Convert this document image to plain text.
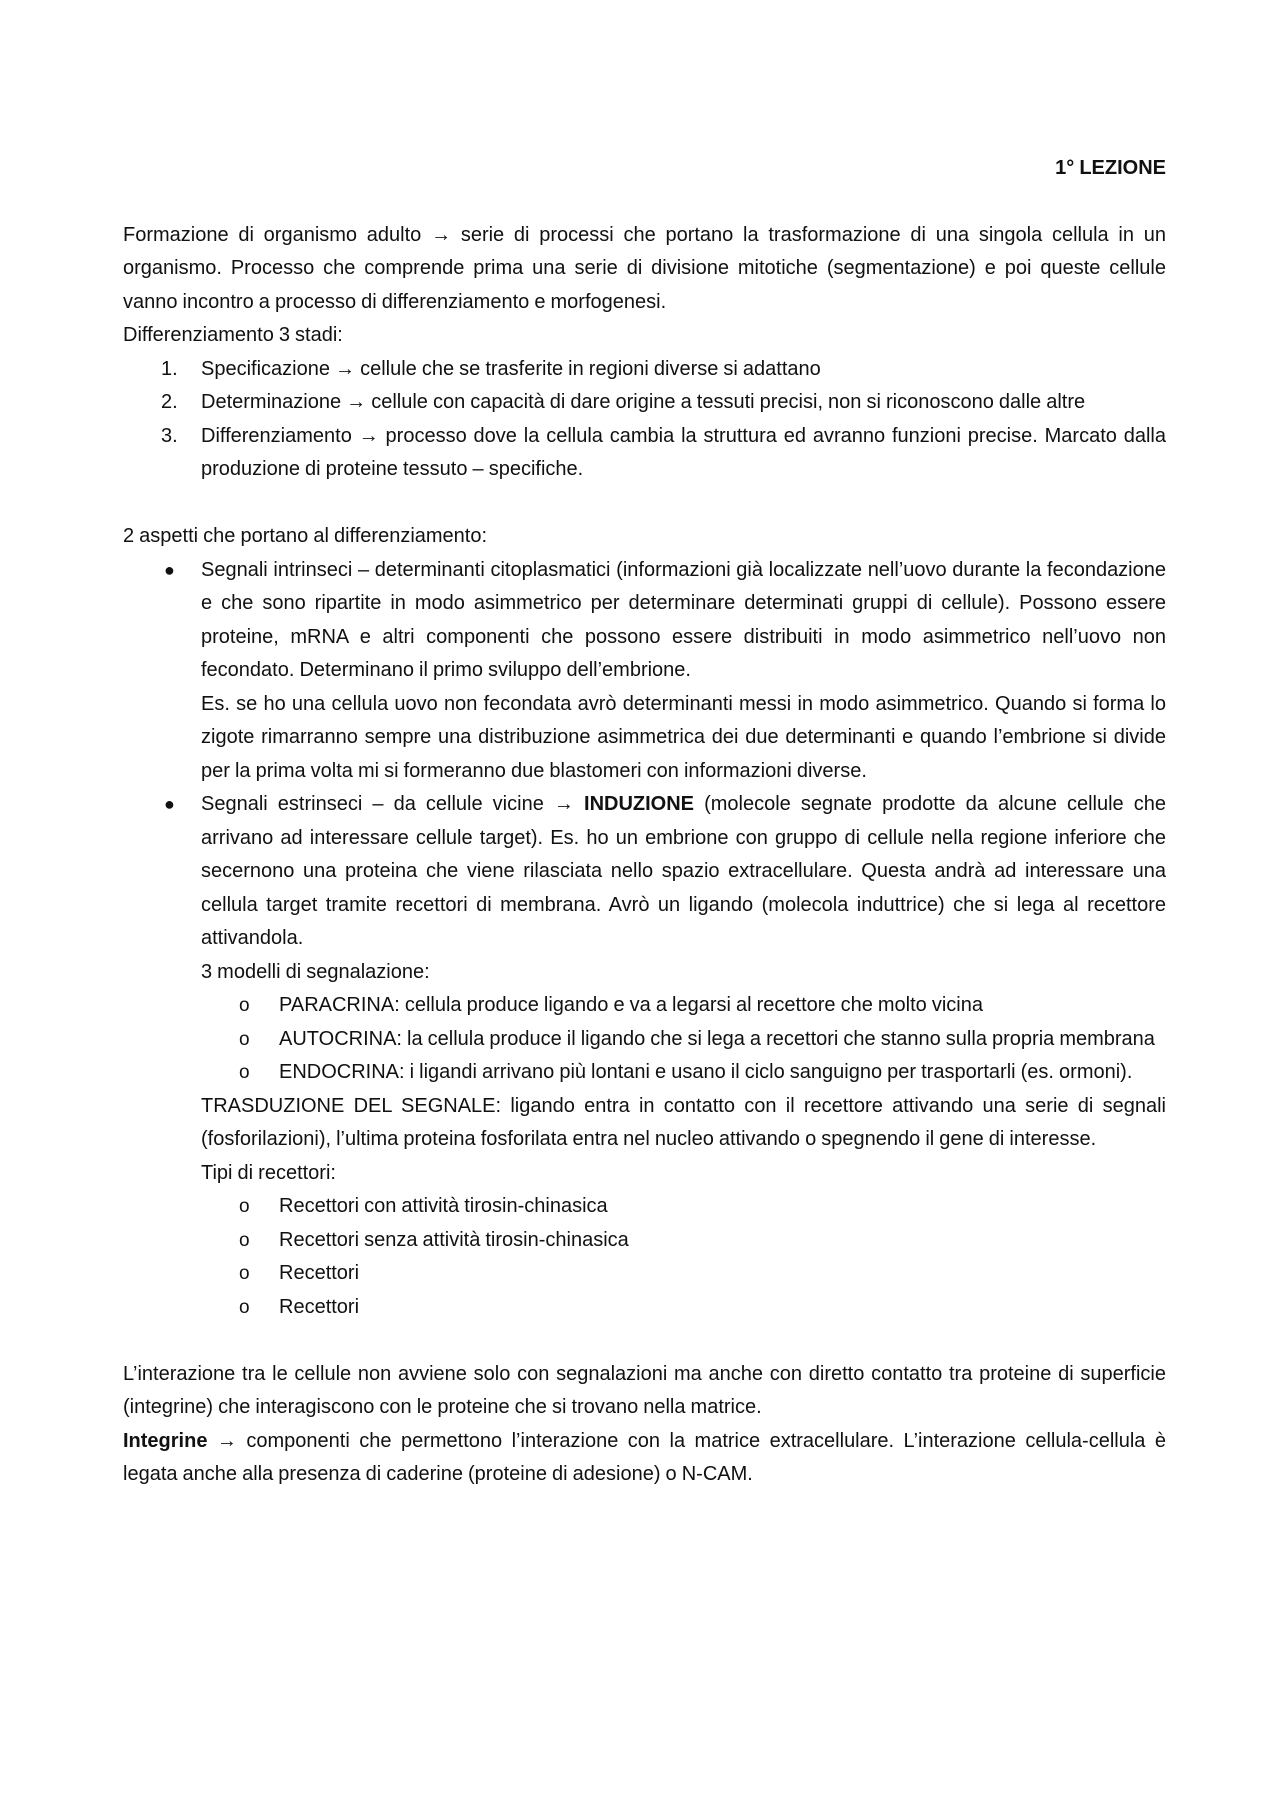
1° LEZIONE

Formazione di organismo adulto → serie di processi che portano la trasformazione di una singola cellula in un organismo. Processo che comprende prima una serie di divisione mitotiche (segmentazione) e poi queste cellule vanno incontro a processo di differenziamento e morfogenesi.

Differenziamento 3 stadi:

1. Specificazione → cellule che se trasferite in regioni diverse si adattano
2. Determinazione → cellule con capacità di dare origine a tessuti precisi, non si riconoscono dalle altre
3. Differenziamento → processo dove la cellula cambia la struttura ed avranno funzioni precise. Marcato dalla produzione di proteine tessuto – specifiche.

2 aspetti che portano al differenziamento:

● Segnali intrinseci – determinanti citoplasmatici (informazioni già localizzate nell’uovo durante la fecondazione e che sono ripartite in modo asimmetrico per determinare determinati gruppi di cellule). Possono essere proteine, mRNA e altri componenti che possono essere distribuiti in modo asimmetrico nell’uovo non fecondato. Determinano il primo sviluppo dell’embrione.

Es. se ho una cellula uovo non fecondata avrò determinanti messi in modo asimmetrico. Quando si forma lo zigote rimarranno sempre una distribuzione asimmetrica dei due determinanti e quando l’embrione si divide per la prima volta mi si formeranno due blastomeri con informazioni diverse.

● Segnali estrinseci – da cellule vicine → INDUZIONE (molecole segnate prodotte da alcune cellule che arrivano ad interessare cellule target). Es. ho un embrione con gruppo di cellule nella regione inferiore che secernono una proteina che viene rilasciata nello spazio extracellulare. Questa andrà ad interessare una cellula target tramite recettori di membrana. Avrò un ligando (molecola induttrice) che si lega al recettore attivandola.

3 modelli di segnalazione:

o PARACRINA: cellula produce ligando e va a legarsi al recettore che molto vicina
o AUTOCRINA: la cellula produce il ligando che si lega a recettori che stanno sulla propria membrana
o ENDOCRINA: i ligandi arrivano più lontani e usano il ciclo sanguigno per trasportarli (es. ormoni).

TRASDUZIONE DEL SEGNALE: ligando entra in contatto con il recettore attivando una serie di segnali (fosforilazioni), l’ultima proteina fosforilata entra nel nucleo attivando o spegnendo il gene di interesse.

Tipi di recettori:

o Recettori con attività tirosin-chinasica
o Recettori senza attività tirosin-chinasica
o Recettori
o Recettori

L’interazione tra le cellule non avviene solo con segnalazioni ma anche con diretto contatto tra proteine di superficie (integrine) che interagiscono con le proteine che si trovano nella matrice.

Integrine → componenti che permettono l’interazione con la matrice extracellulare. L’interazione cellula-cellula è legata anche alla presenza di caderine (proteine di adesione) o N-CAM.
